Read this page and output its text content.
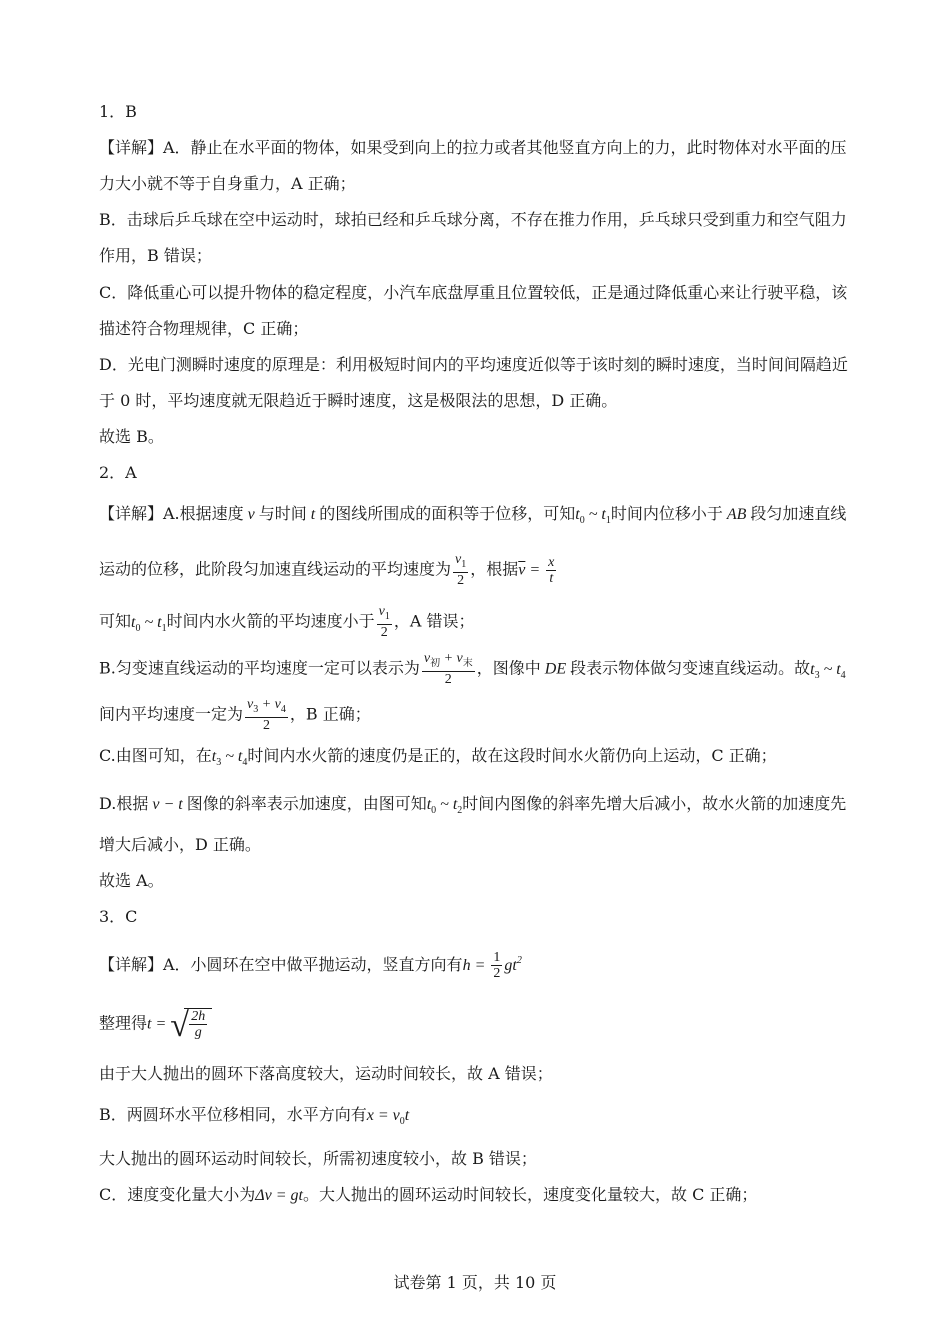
1．B
【详解】A．静止在水平面的物体，如果受到向上的拉力或者其他竖直方向上的力，此时物体对水平面的压
力大小就不等于自身重力，A 正确；
B．击球后乒乓球在空中运动时，球拍已经和乒乓球分离，不存在推力作用，乒乓球只受到重力和空气阻力
作用，B 错误；
C．降低重心可以提升物体的稳定程度，小汽车底盘厚重且位置较低，正是通过降低重心来让行驶平稳，该
描述符合物理规律，C 正确；
D．光电门测瞬时速度的原理是：利用极短时间内的平均速度近似等于该时刻的瞬时速度，当时间间隔趋近
于 0 时，平均速度就无限趋近于瞬时速度，这是极限法的思想，D 正确。
故选 B。
2．A
【详解】A.根据速度 v 与时间 t 的图线所围成的面积等于位移，可知$t_0$ ~ $t_1$时间内位移小于 AB 段匀加速直线
运动的位移，此阶段匀加速直线运动的平均速度为 $\frac{v_1}{2}$ ，根据$\overline{v} = \frac{x}{t}$
可知$t_0$ ~ $t_1$时间内水火箭的平均速度小于 $\frac{v_1}{2}$ ，A 错误；
B.匀变速直线运动的平均速度一定可以表示为 $\frac{v_初 + v_末}{2}$ ，图像中 DE 段表示物体做匀变速直线运动。故$t_3$ ~ $t_4$
间内平均速度一定为 $\frac{v_3 + v_4}{2}$ ，B 正确；
C.由图可知，在$t_3$ ~ $t_4$时间内水火箭的速度仍是正的，故在这段时间水火箭仍向上运动，C 正确；
D.根据 v − t 图像的斜率表示加速度，由图可知$t_0$ ~ $t_2$时间内图像的斜率先增大后减小，故水火箭的加速度先
增大后减小，D 正确。
故选 A。
3．C
【详解】A．小圆环在空中做平抛运动，竖直方向有$h = \frac{1}{2} gt^2$
整理得t = √ $\frac{2h}{g}$
由于大人抛出的圆环下落高度较大，运动时间较长，故 A 错误；
B．两圆环水平位移相同，水平方向有$x = v_0t$
大人抛出的圆环运动时间较长，所需初速度较小，故 B 错误；
C．速度变化量大小为Δv = gt。大人抛出的圆环运动时间较长，速度变化量较大，故 C 正确；
试卷第 1 页，共 10 页
